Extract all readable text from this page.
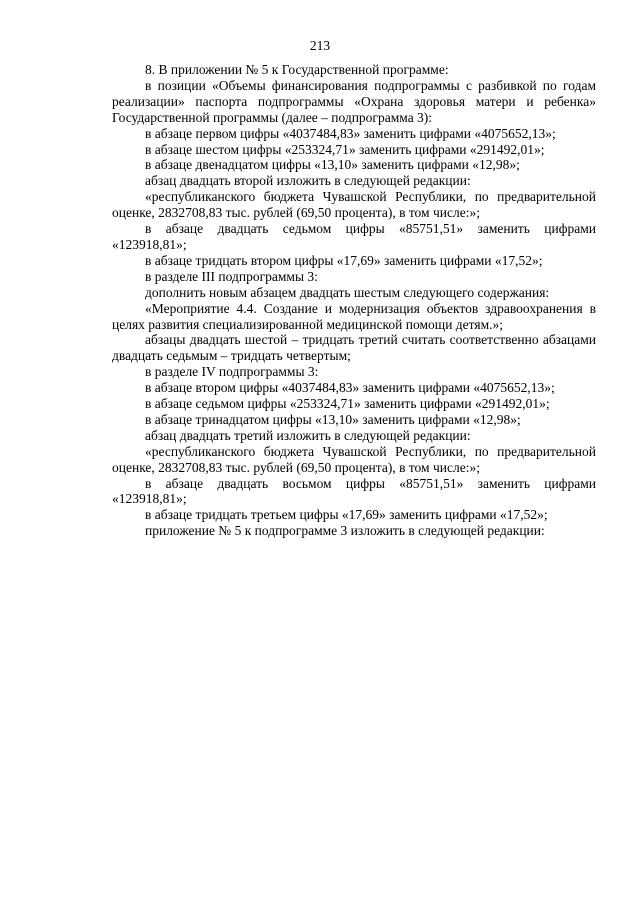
213

8. В приложении № 5 к Государственной программе:

в позиции «Объемы финансирования подпрограммы с разбивкой по годам реализации» паспорта подпрограммы «Охрана здоровья матери и ребенка» Государственной программы (далее – подпрограмма 3):

в абзаце первом цифры «4037484,83» заменить цифрами «4075652,13»;

в абзаце шестом цифры «253324,71» заменить цифрами «291492,01»;

в абзаце двенадцатом цифры «13,10» заменить цифрами «12,98»;

абзац двадцать второй изложить в следующей редакции:

«республиканского бюджета Чувашской Республики, по предварительной оценке, 2832708,83 тыс. рублей (69,50 процента), в том числе:»;

в абзаце двадцать седьмом цифры «85751,51» заменить цифрами «123918,81»;

в абзаце тридцать втором цифры «17,69» заменить цифрами «17,52»;

в разделе III подпрограммы 3:

дополнить новым абзацем двадцать шестым следующего содержания:

«Мероприятие 4.4. Создание и модернизация объектов здравоохранения в целях развития специализированной медицинской помощи детям.»;

абзацы двадцать шестой – тридцать третий считать соответственно абзацами двадцать седьмым – тридцать четвертым;

в разделе IV подпрограммы 3:

в абзаце втором цифры «4037484,83» заменить цифрами «4075652,13»;

в абзаце седьмом цифры «253324,71» заменить цифрами «291492,01»;

в абзаце тринадцатом цифры «13,10» заменить цифрами «12,98»;

абзац двадцать третий изложить в следующей редакции:

«республиканского бюджета Чувашской Республики, по предварительной оценке, 2832708,83 тыс. рублей (69,50 процента), в том числе:»;

в абзаце двадцать восьмом цифры «85751,51» заменить цифрами «123918,81»;

в абзаце тридцать третьем цифры «17,69» заменить цифрами «17,52»;

приложение № 5 к подпрограмме 3 изложить в следующей редакции:
